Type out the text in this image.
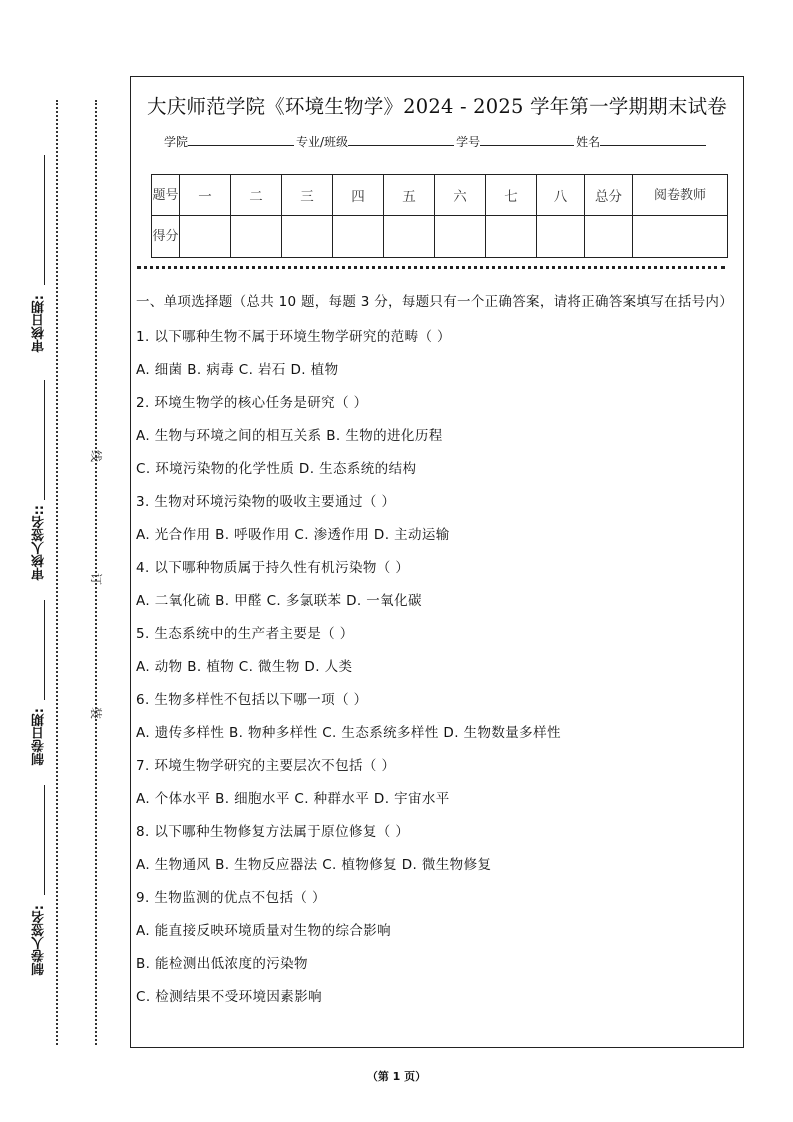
审核日期:
审核人签名::
制卷日期:
制卷人签名:
线
订
装
大庆师范学院《环境生物学》2024 - 2025 学年第一学期期末试卷
学院	专业/班级	学号	姓名
题号	一	二	三	四	五	六	七	八	总分	阅卷教师
得分										
一、单项选择题（总共 10 题，每题 3 分，每题只有一个正确答案，请将正确答案填写在括号内）
1. 以下哪种生物不属于环境生物学研究的范畴（ ）
A. 细菌 B. 病毒 C. 岩石 D. 植物
2. 环境生物学的核心任务是研究（ ）
A. 生物与环境之间的相互关系 B. 生物的进化历程
C. 环境污染物的化学性质 D. 生态系统的结构
3. 生物对环境污染物的吸收主要通过（ ）
A. 光合作用 B. 呼吸作用 C. 渗透作用 D. 主动运输
4. 以下哪种物质属于持久性有机污染物（ ）
A. 二氧化硫 B. 甲醛 C. 多氯联苯 D. 一氧化碳
5. 生态系统中的生产者主要是（ ）
A. 动物 B. 植物 C. 微生物 D. 人类
6. 生物多样性不包括以下哪一项（ ）
A. 遗传多样性 B. 物种多样性 C. 生态系统多样性 D. 生物数量多样性
7. 环境生物学研究的主要层次不包括（ ）
A. 个体水平 B. 细胞水平 C. 种群水平 D. 宇宙水平
8. 以下哪种生物修复方法属于原位修复（ ）
A. 生物通风 B. 生物反应器法 C. 植物修复 D. 微生物修复
9. 生物监测的优点不包括（ ）
A. 能直接反映环境质量对生物的综合影响
B. 能检测出低浓度的污染物
C. 检测结果不受环境因素影响
（第 1 页）
